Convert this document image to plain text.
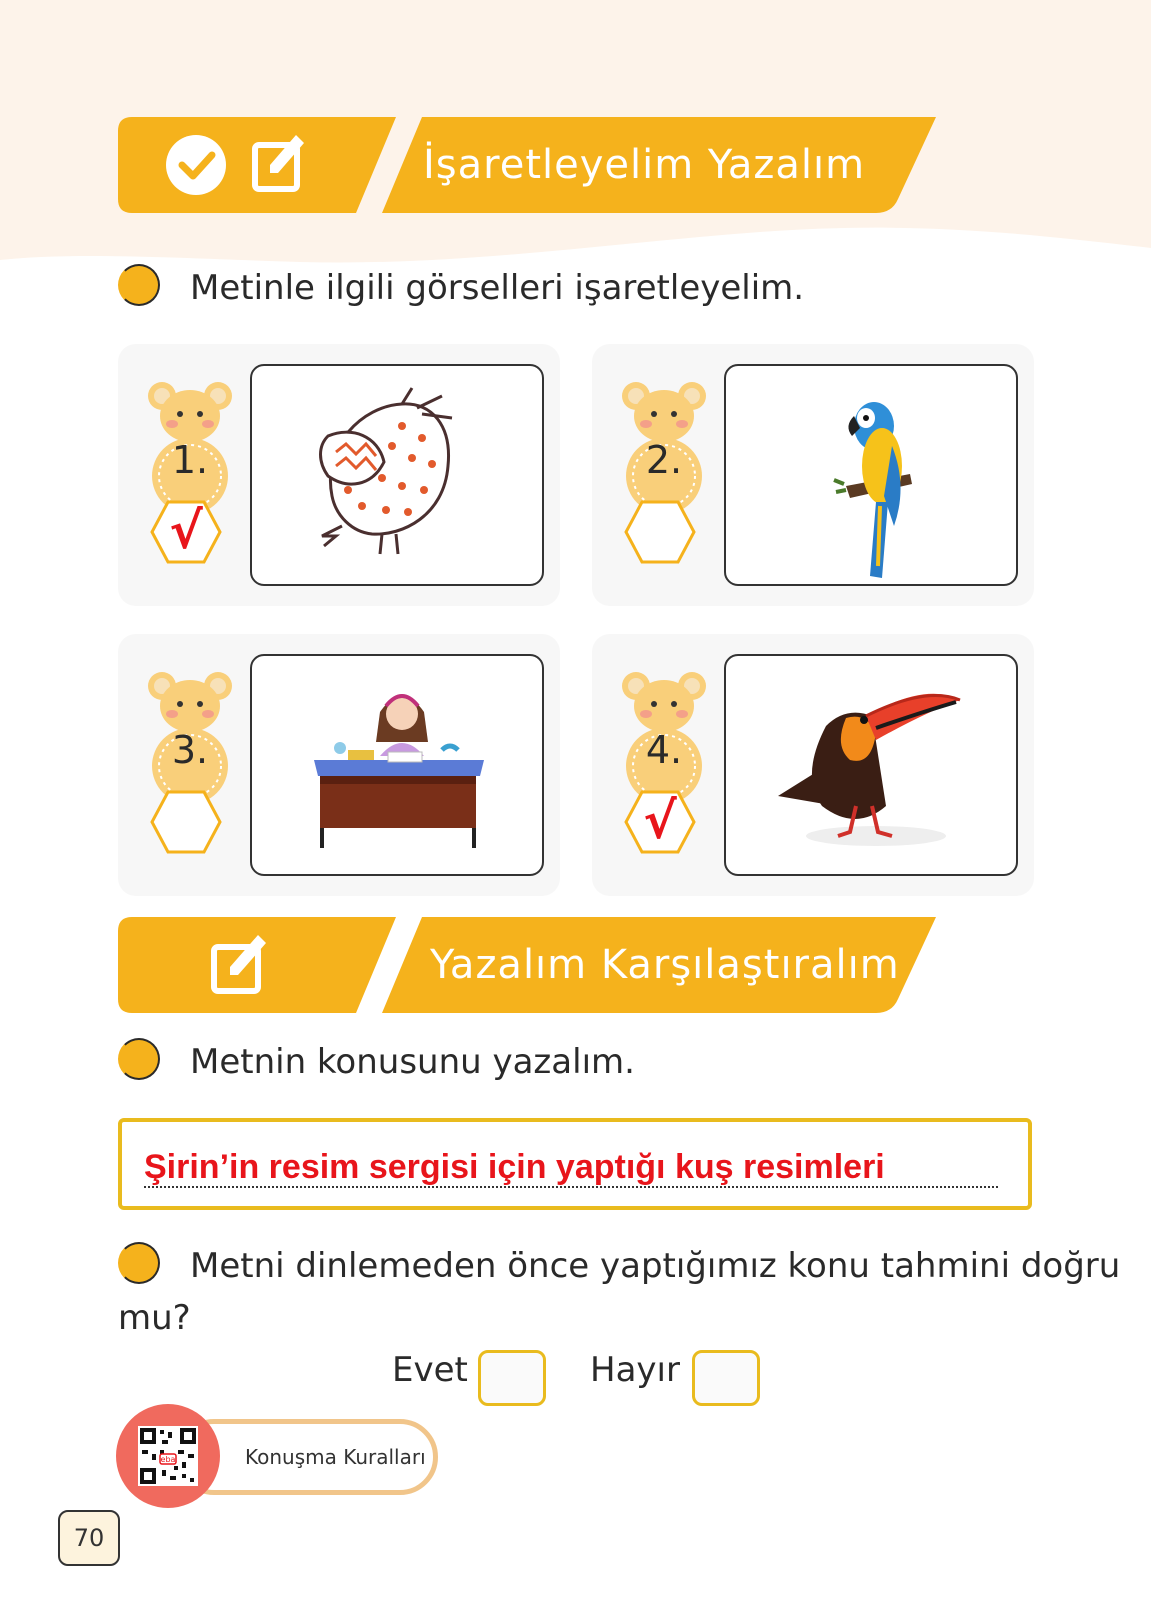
İşaretleyelim Yazalım
Metinle ilgili görselleri işaretleyelim.
1.
√
2.
3.	4.
√
Yazalım Karşılaştıralım
Metnin konusunu yazalım.
Şirin’in resim sergisi için yaptığı kuş resimleri
Metni dinlemeden önce yaptığımız konu tahmini doğru
mu?
Evet	Hayır
Konuşma Kuralları
eba
70
